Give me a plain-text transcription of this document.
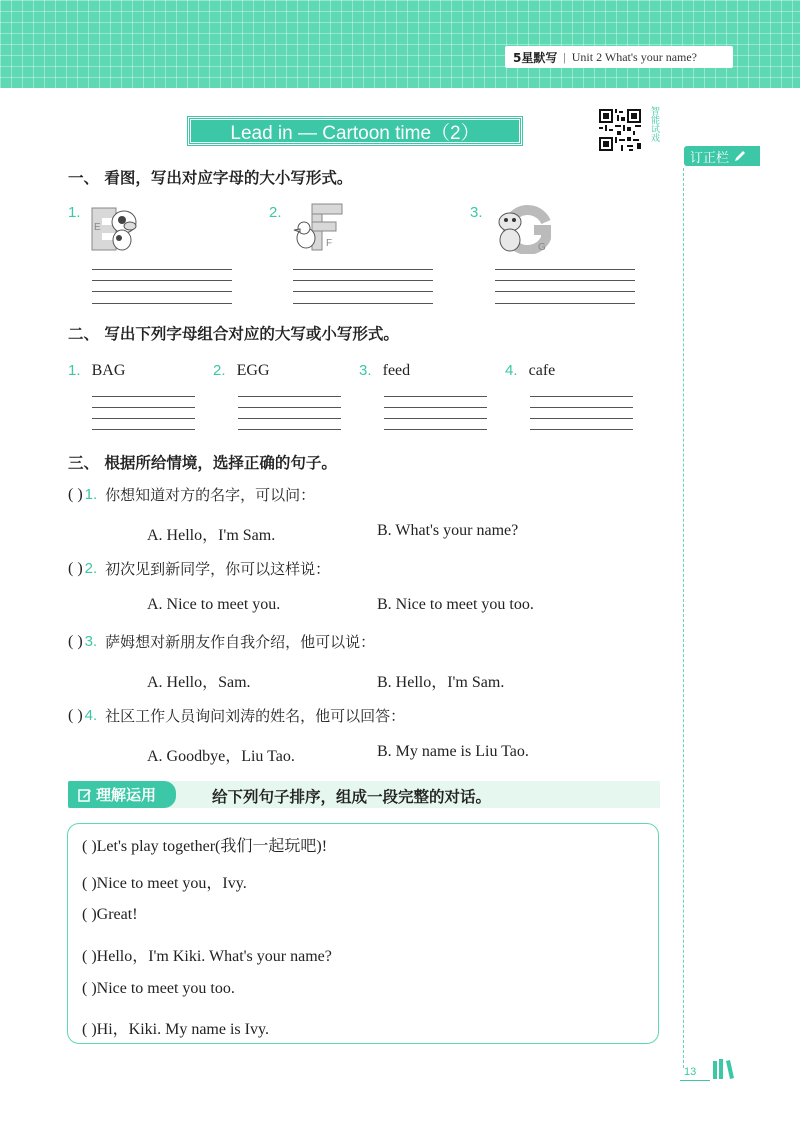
5星默写 | Unit 2 What's your name?
Lead in — Cartoon time（2）	智能试戏
订正栏
一、 看图，写出对应字母的大小写形式。
1.
E
2.
F
3.
G
二、 写出下列字母组合对应的大写或小写形式。
1. BAG	2. EGG	3. feed	4. cafe
三、 根据所给情境，选择正确的句子。
( ) 1. 你想知道对方的名字，可以问：
A. Hello，I'm Sam.	B. What's your name?
( ) 2. 初次见到新同学，你可以这样说：
A. Nice to meet you.	B. Nice to meet you too.
( ) 3. 萨姆想对新朋友作自我介绍，他可以说：
A. Hello，Sam.	B. Hello，I'm Sam.
( ) 4. 社区工作人员询问刘涛的姓名，他可以回答：
A. Goodbye，Liu Tao.	B. My name is Liu Tao.
理解运用	给下列句子排序，组成一段完整的对话。
( )Let's play together(我们一起玩吧)!
( )Nice to meet you，Ivy.
( )Great!
( )Hello，I'm Kiki. What's your name?
( )Nice to meet you too.
( )Hi，Kiki. My name is Ivy.
13
